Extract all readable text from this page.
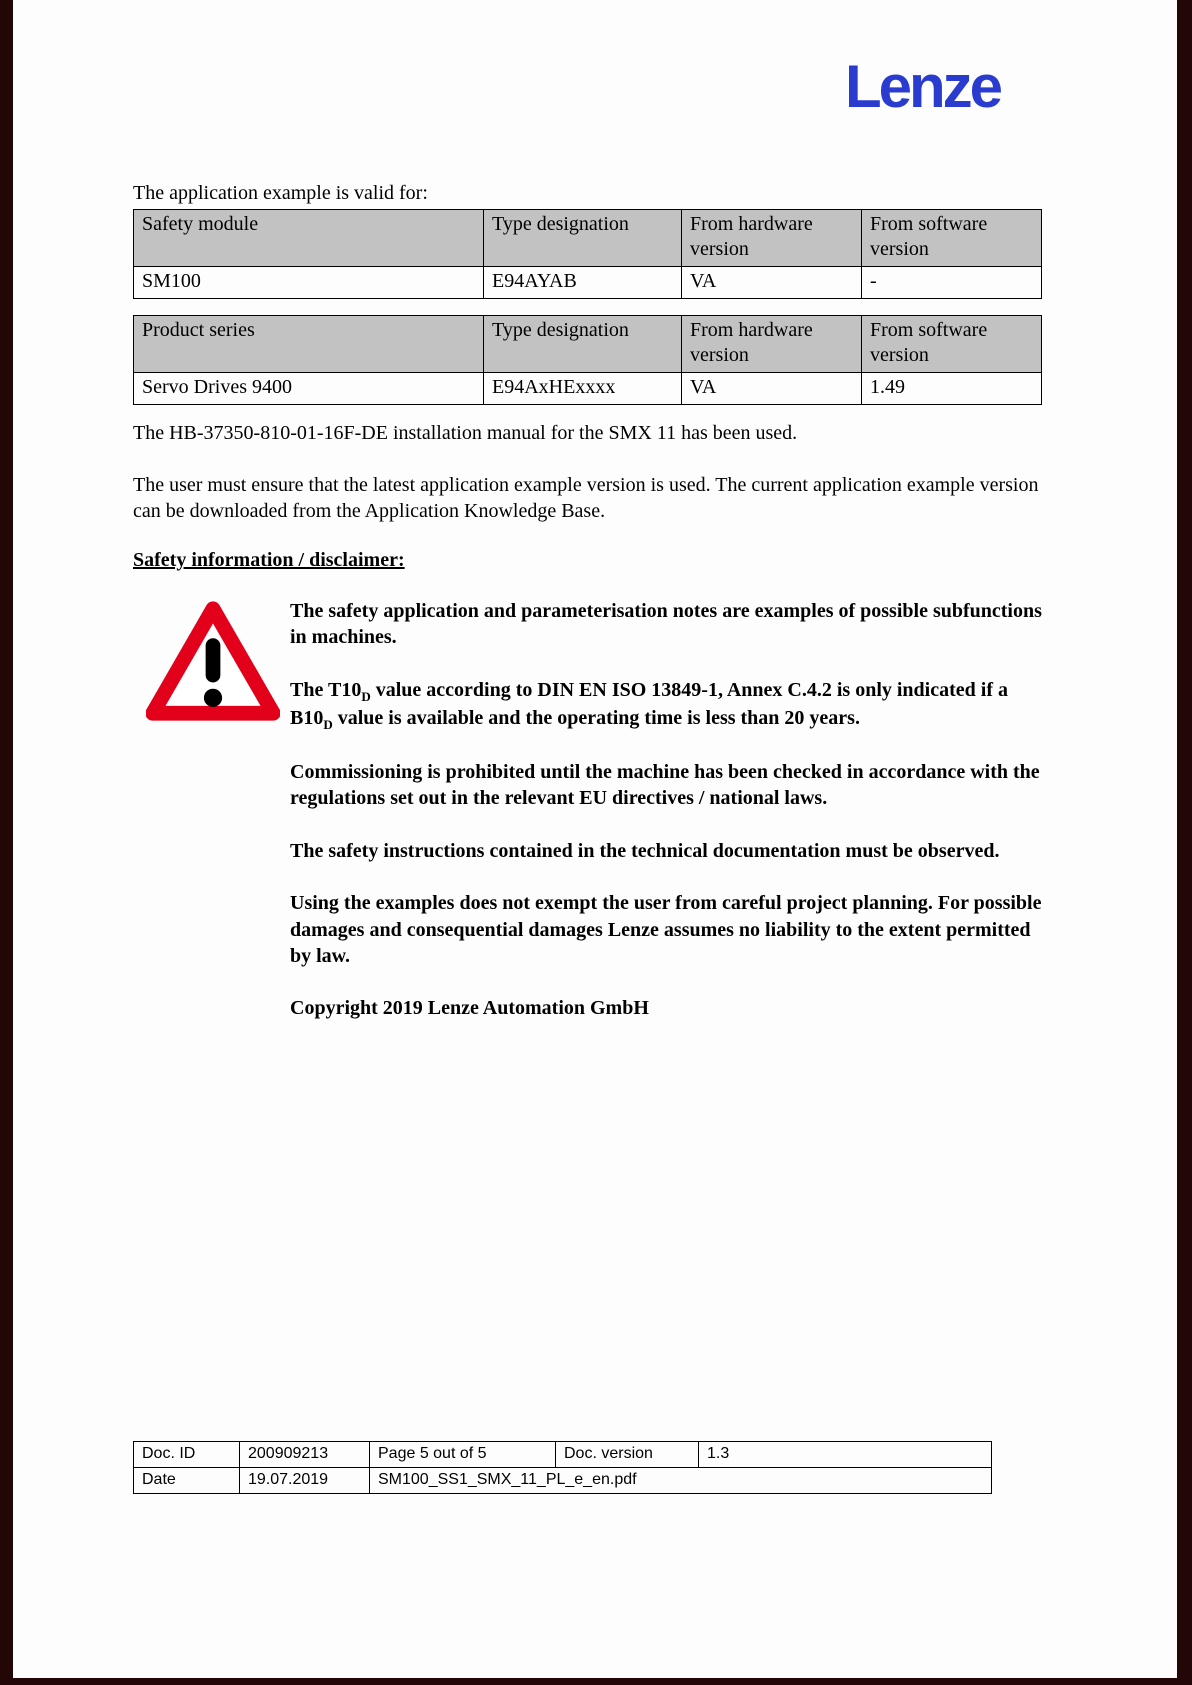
Lenze
The application example is valid for:
Safety module	Type designation	From hardware version	From software version
SM100	E94AYAB	VA	-
Product series	Type designation	From hardware version	From software version
Servo Drives 9400	E94AxHExxxx	VA	1.49
The HB-37350-810-01-16F-DE installation manual for the SMX 11 has been used.
The user must ensure that the latest application example version is used. The current application example version can be downloaded from the Application Knowledge Base.
Safety information / disclaimer:

The safety application and parameterisation notes are examples of possible subfunctions in machines.

The $T10_D$ value according to DIN EN ISO 13849-1, Annex C.4.2 is only indicated if a $B10_D$ value is available and the operating time is less than 20 years.

Commissioning is prohibited until the machine has been checked in accordance with the regulations set out in the relevant EU directives / national laws.

The safety instructions contained in the technical documentation must be observed.

Using the examples does not exempt the user from careful project planning. For possible damages and consequential damages Lenze assumes no liability to the extent permitted by law.

Copyright 2019 Lenze Automation GmbH

Doc. ID	200909213	Page 5 out of 5	Doc. version	1.3
Date	19.07.2019	SM100_SS1_SMX_11_PL_e_en.pdf		
